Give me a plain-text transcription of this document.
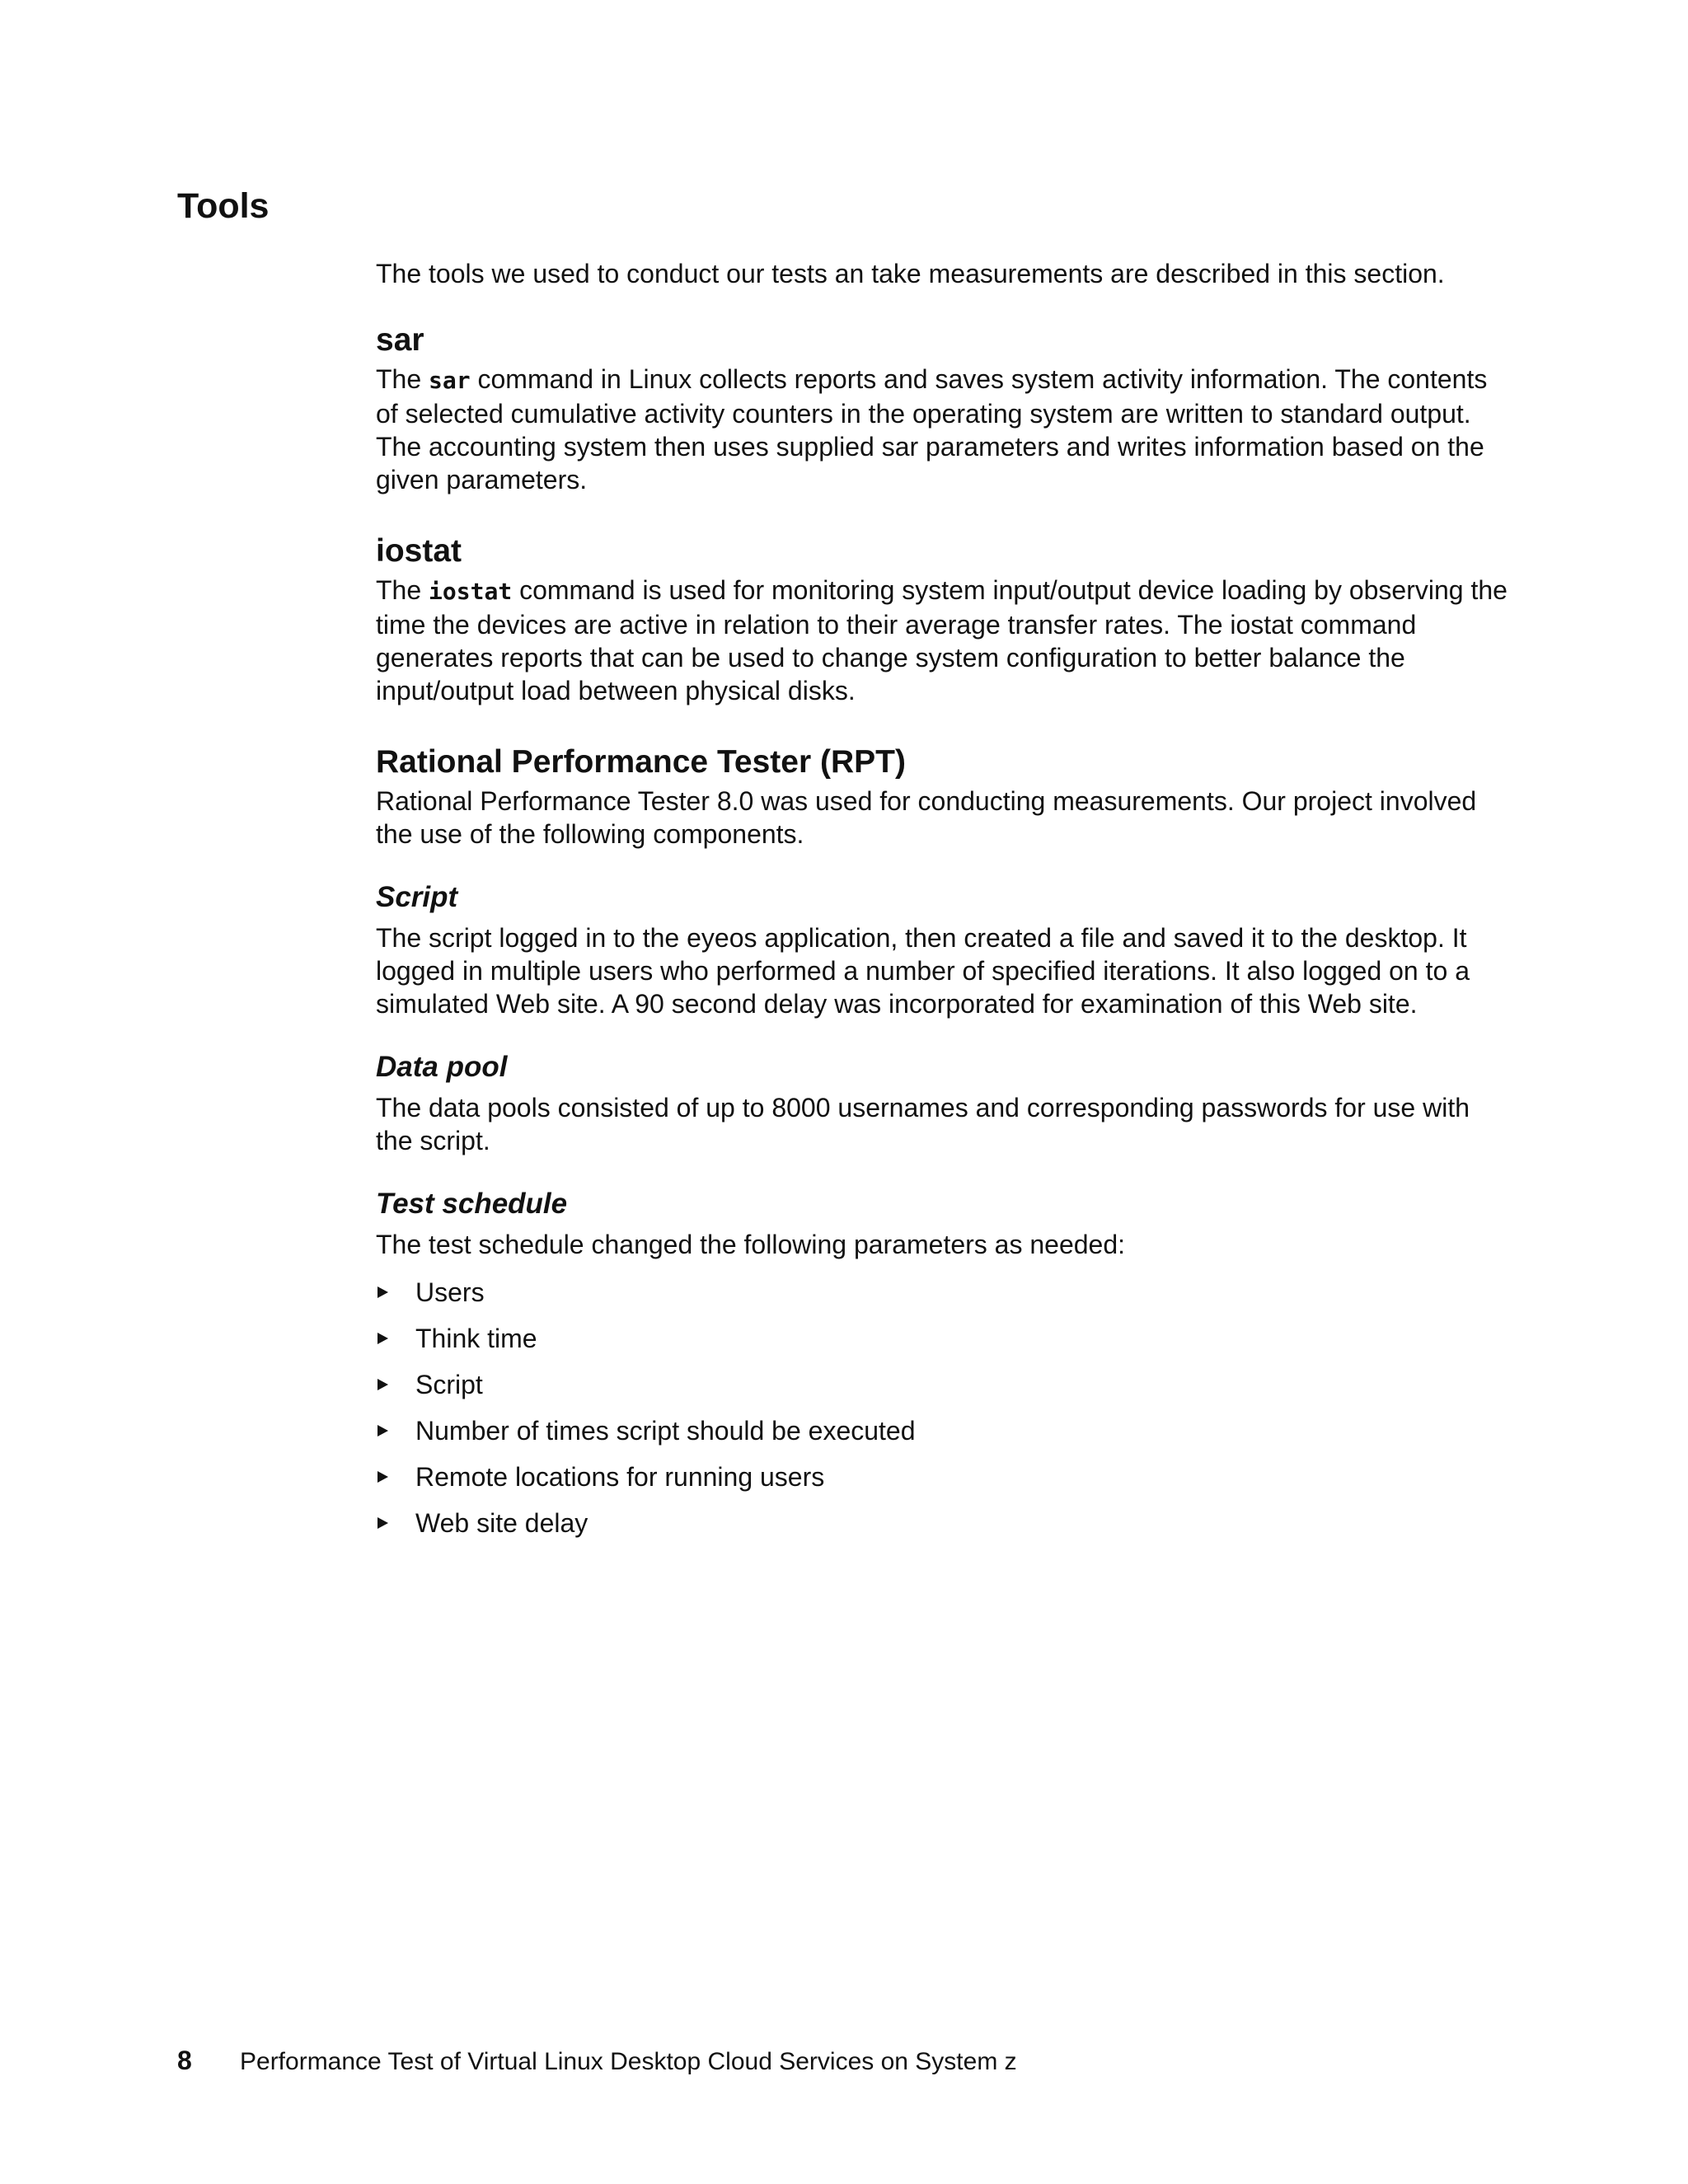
Tools

The tools we used to conduct our tests an take measurements are described in this section.

sar

The sar command in Linux collects reports and saves system activity information. The contents of selected cumulative activity counters in the operating system are written to standard output. The accounting system then uses supplied sar parameters and writes information based on the given parameters.

iostat

The iostat command is used for monitoring system input/output device loading by observing the time the devices are active in relation to their average transfer rates. The iostat command generates reports that can be used to change system configuration to better balance the input/output load between physical disks.

Rational Performance Tester (RPT)

Rational Performance Tester 8.0 was used for conducting measurements. Our project involved the use of the following components.

Script

The script logged in to the eyeos application, then created a file and saved it to the desktop. It logged in multiple users who performed a number of specified iterations. It also logged on to a simulated Web site. A 90 second delay was incorporated for examination of this Web site.

Data pool

The data pools consisted of up to 8000 usernames and corresponding passwords for use with the script.

Test schedule

The test schedule changed the following parameters as needed:

Users
Think time
Script
Number of times script should be executed
Remote locations for running users
Web site delay
8 Performance Test of Virtual Linux Desktop Cloud Services on System z
